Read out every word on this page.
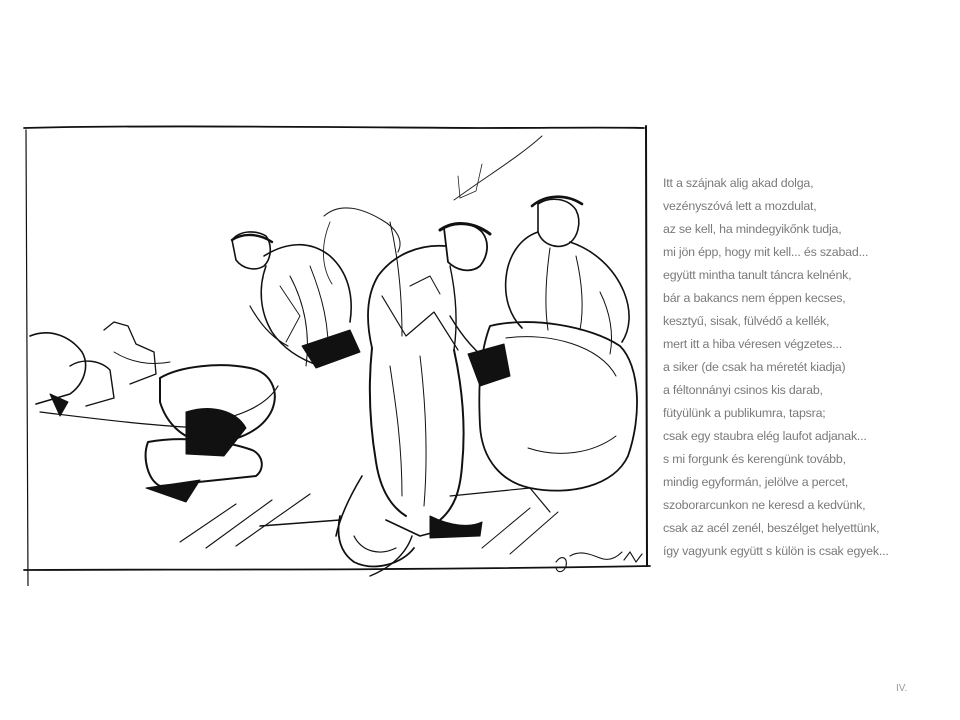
Itt a szájnak alig akad dolga,
vezényszóvá lett a mozdulat,
az se kell, ha mindegyikőnk tudja,
mi jön épp, hogy mit kell... és szabad...
együtt mintha tanult táncra kelnénk,
bár a bakancs nem éppen kecses,
kesztyű, sisak, fülvédő a kellék,
mert itt a hiba véresen végzetes...
a siker (de csak ha méretét kiadja)
a féltonnányi csinos kis darab,
fütyülünk a publikumra, tapsra;
csak egy staubra elég laufot adjanak...
s mi forgunk és kerengünk tovább,
mindig egyformán, jelölve a percet,
szoborarcunkon ne keresd a kedvünk,
csak az acél zenél, beszélget helyettünk,
így vagyunk együtt s külön is csak egyek...
IV.
